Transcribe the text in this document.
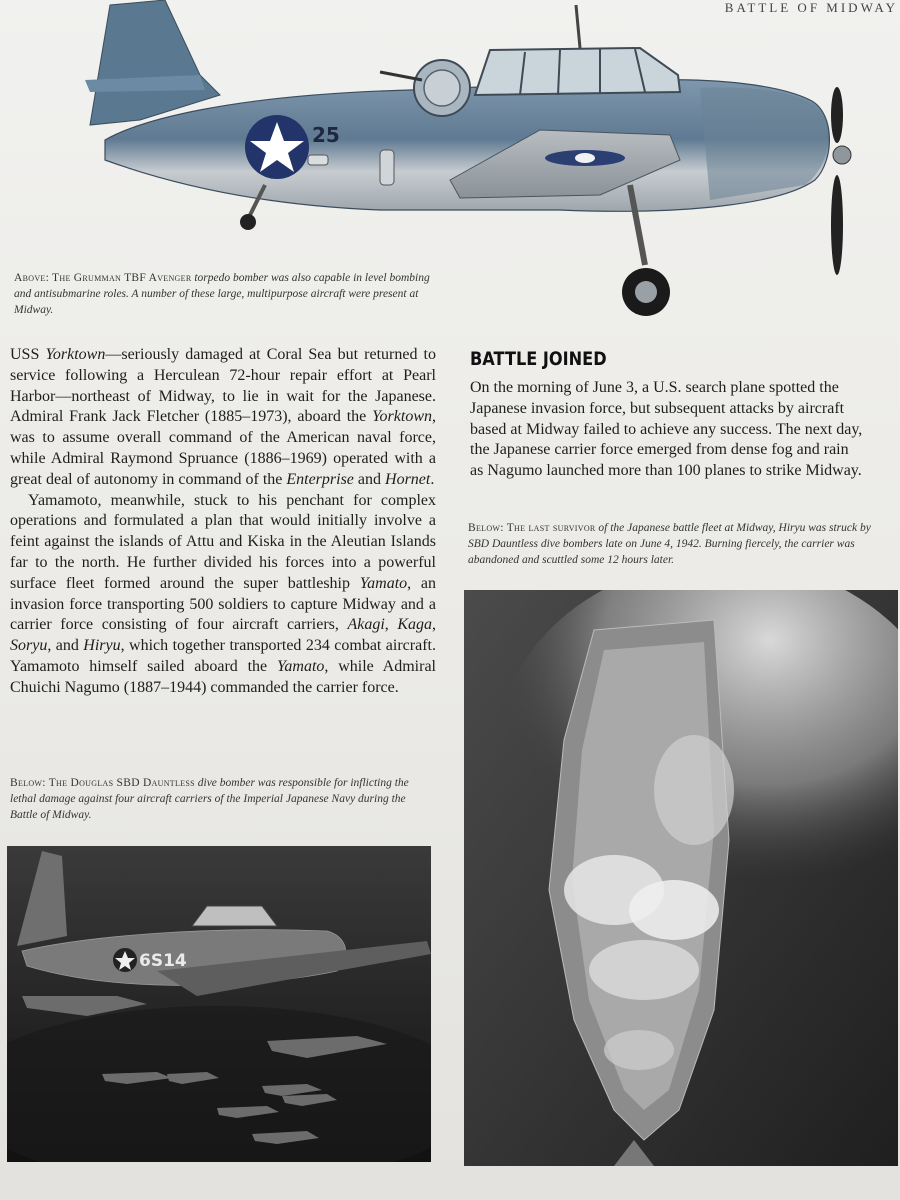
BATTLE OF MIDWAY
25
Above: The Grumman TBF Avenger torpedo bomber was also capable in level bombing and antisubmarine roles. A number of these large, multipurpose aircraft were present at Midway.

USS Yorktown—seriously damaged at Coral Sea but returned to service following a Herculean 72-hour repair effort at Pearl Harbor—northeast of Midway, to lie in wait for the Japanese. Admiral Frank Jack Fletcher (1885–1973), aboard the Yorktown, was to assume overall command of the American naval force, while Admiral Raymond Spruance (1886–1969) operated with a great deal of autonomy in command of the Enterprise and Hornet.

Yamamoto, meanwhile, stuck to his penchant for complex operations and formulated a plan that would initially involve a feint against the islands of Attu and Kiska in the Aleutian Islands far to the north. He further divided his forces into a powerful surface fleet formed around the super battleship Yamato, an invasion force transporting 500 soldiers to capture Midway and a carrier force consisting of four aircraft carriers, Akagi, Kaga, Soryu, and Hiryu, which together transported 234 combat aircraft. Yamamoto himself sailed aboard the Yamato, while Admiral Chuichi Nagumo (1887–1944) commanded the carrier force.

BATTLE JOINED

On the morning of June 3, a U.S. search plane spotted the

Japanese invasion force, but subsequent attacks by aircraft

based at Midway failed to achieve any success. The next day,

the Japanese carrier force emerged from dense fog and rain

as Nagumo launched more than 100 planes to strike Midway.

Below: The last survivor of the Japanese battle fleet at Midway, Hiryu was struck by SBD Dauntless dive bombers late on June 4, 1942. Burning fiercely, the carrier was abandoned and scuttled some 12 hours later.
Below: The Douglas SBD Dauntless dive bomber was responsible for inflicting the lethal damage against four aircraft carriers of the Imperial Japanese Navy during the Battle of Midway.
6S14
